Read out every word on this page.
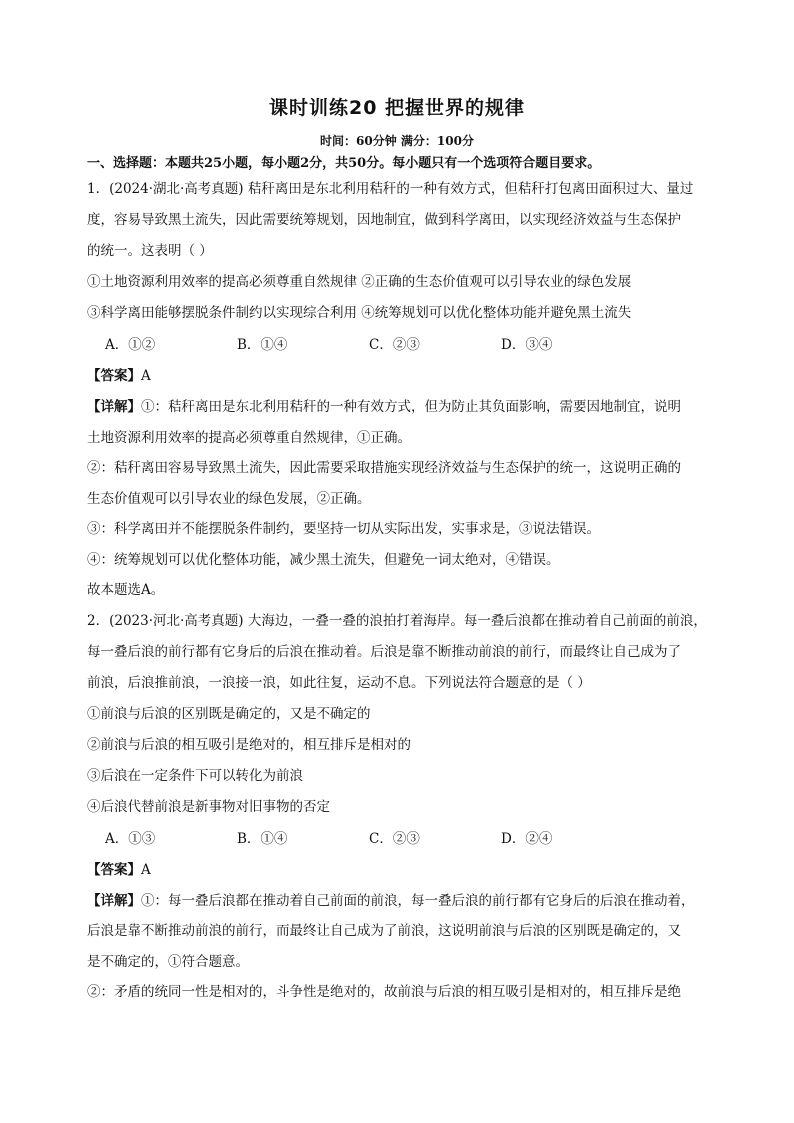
课时训练20 把握世界的规律
时间：60分钟 满分：100分
一、选择题：本题共25小题，每小题2分，共50分。每小题只有一个选项符合题目要求。
1．(2024·湖北·高考真题) 秸秆离田是东北利用秸秆的一种有效方式，但秸秆打包离田面积过大、量过
度，容易导致黑土流失，因此需要统筹规划，因地制宜，做到科学离田，以实现经济效益与生态保护
的统一。这表明（ ）
①土地资源利用效率的提高必须尊重自然规律 ②正确的生态价值观可以引导农业的绿色发展
③科学离田能够摆脱条件制约以实现综合利用 ④统筹规划可以优化整体功能并避免黑土流失
A．①②	B．①④	C．②③	D．③④
【答案】A
【详解】①：秸秆离田是东北利用秸秆的一种有效方式，但为防止其负面影响，需要因地制宜，说明
土地资源利用效率的提高必须尊重自然规律，①正确。
②：秸秆离田容易导致黑土流失，因此需要采取措施实现经济效益与生态保护的统一，这说明正确的
生态价值观可以引导农业的绿色发展，②正确。
③：科学离田并不能摆脱条件制约，要坚持一切从实际出发，实事求是，③说法错误。
④：统筹规划可以优化整体功能，减少黑土流失，但避免一词太绝对，④错误。
故本题选A。
2．(2023·河北·高考真题) 大海边，一叠一叠的浪拍打着海岸。每一叠后浪都在推动着自己前面的前浪，
每一叠后浪的前行都有它身后的后浪在推动着。后浪是靠不断推动前浪的前行，而最终让自己成为了
前浪，后浪推前浪，一浪接一浪，如此往复，运动不息。下列说法符合题意的是（ ）
①前浪与后浪的区别既是确定的，又是不确定的
②前浪与后浪的相互吸引是绝对的，相互排斥是相对的
③后浪在一定条件下可以转化为前浪
④后浪代替前浪是新事物对旧事物的否定
A．①③	B．①④	C．②③	D．②④
【答案】A
【详解】①：每一叠后浪都在推动着自己前面的前浪，每一叠后浪的前行都有它身后的后浪在推动着，
后浪是靠不断推动前浪的前行，而最终让自己成为了前浪，这说明前浪与后浪的区别既是确定的，又
是不确定的，①符合题意。
②：矛盾的统同一性是相对的，斗争性是绝对的，故前浪与后浪的相互吸引是相对的，相互排斥是绝
